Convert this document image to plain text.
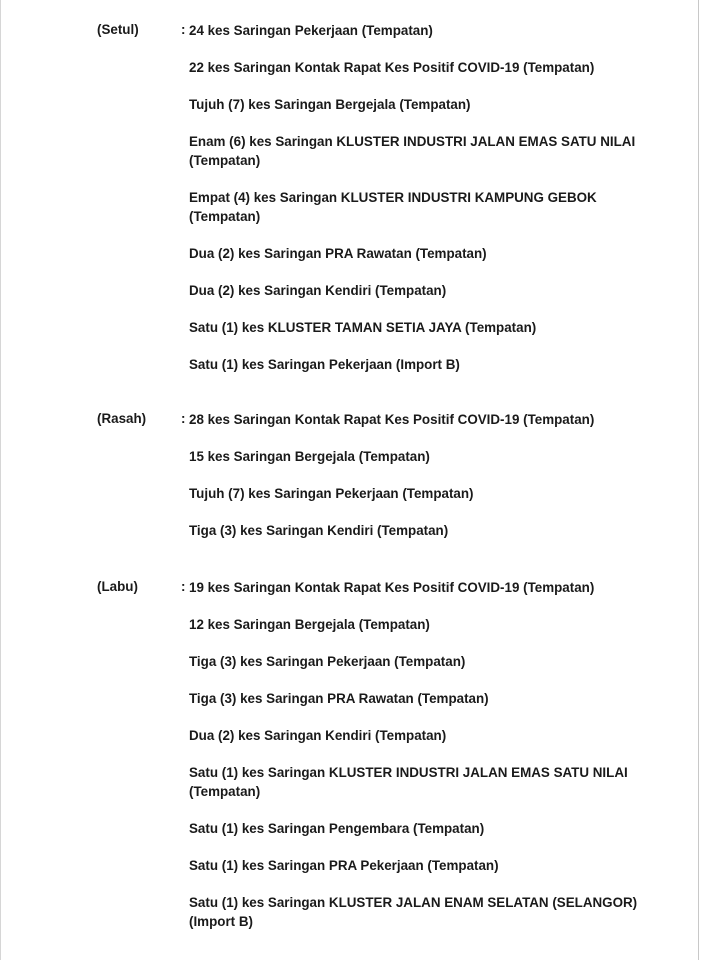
(Setul)	: 24 kes Saringan Pekerjaan (Tempatan)
22 kes Saringan Kontak Rapat Kes Positif COVID-19 (Tempatan)
Tujuh (7) kes Saringan Bergejala (Tempatan)
Enam (6) kes Saringan KLUSTER INDUSTRI JALAN EMAS SATU NILAI (Tempatan)
Empat (4) kes Saringan KLUSTER INDUSTRI KAMPUNG GEBOK (Tempatan)
Dua (2) kes Saringan PRA Rawatan (Tempatan)
Dua (2) kes Saringan Kendiri (Tempatan)
Satu (1) kes KLUSTER TAMAN SETIA JAYA (Tempatan)
Satu (1) kes Saringan Pekerjaan (Import B)
(Rasah)	: 28 kes Saringan Kontak Rapat Kes Positif COVID-19 (Tempatan)
15 kes Saringan Bergejala (Tempatan)
Tujuh (7) kes Saringan Pekerjaan (Tempatan)
Tiga (3) kes Saringan Kendiri (Tempatan)
(Labu)	: 19 kes Saringan Kontak Rapat Kes Positif COVID-19 (Tempatan)
12 kes Saringan Bergejala (Tempatan)
Tiga (3) kes Saringan Pekerjaan (Tempatan)
Tiga (3) kes Saringan PRA Rawatan (Tempatan)
Dua (2) kes Saringan Kendiri (Tempatan)
Satu (1) kes Saringan KLUSTER INDUSTRI JALAN EMAS SATU NILAI (Tempatan)
Satu (1) kes Saringan Pengembara (Tempatan)
Satu (1) kes Saringan PRA Pekerjaan (Tempatan)
Satu (1) kes Saringan KLUSTER JALAN ENAM SELATAN (SELANGOR) (Import B)
